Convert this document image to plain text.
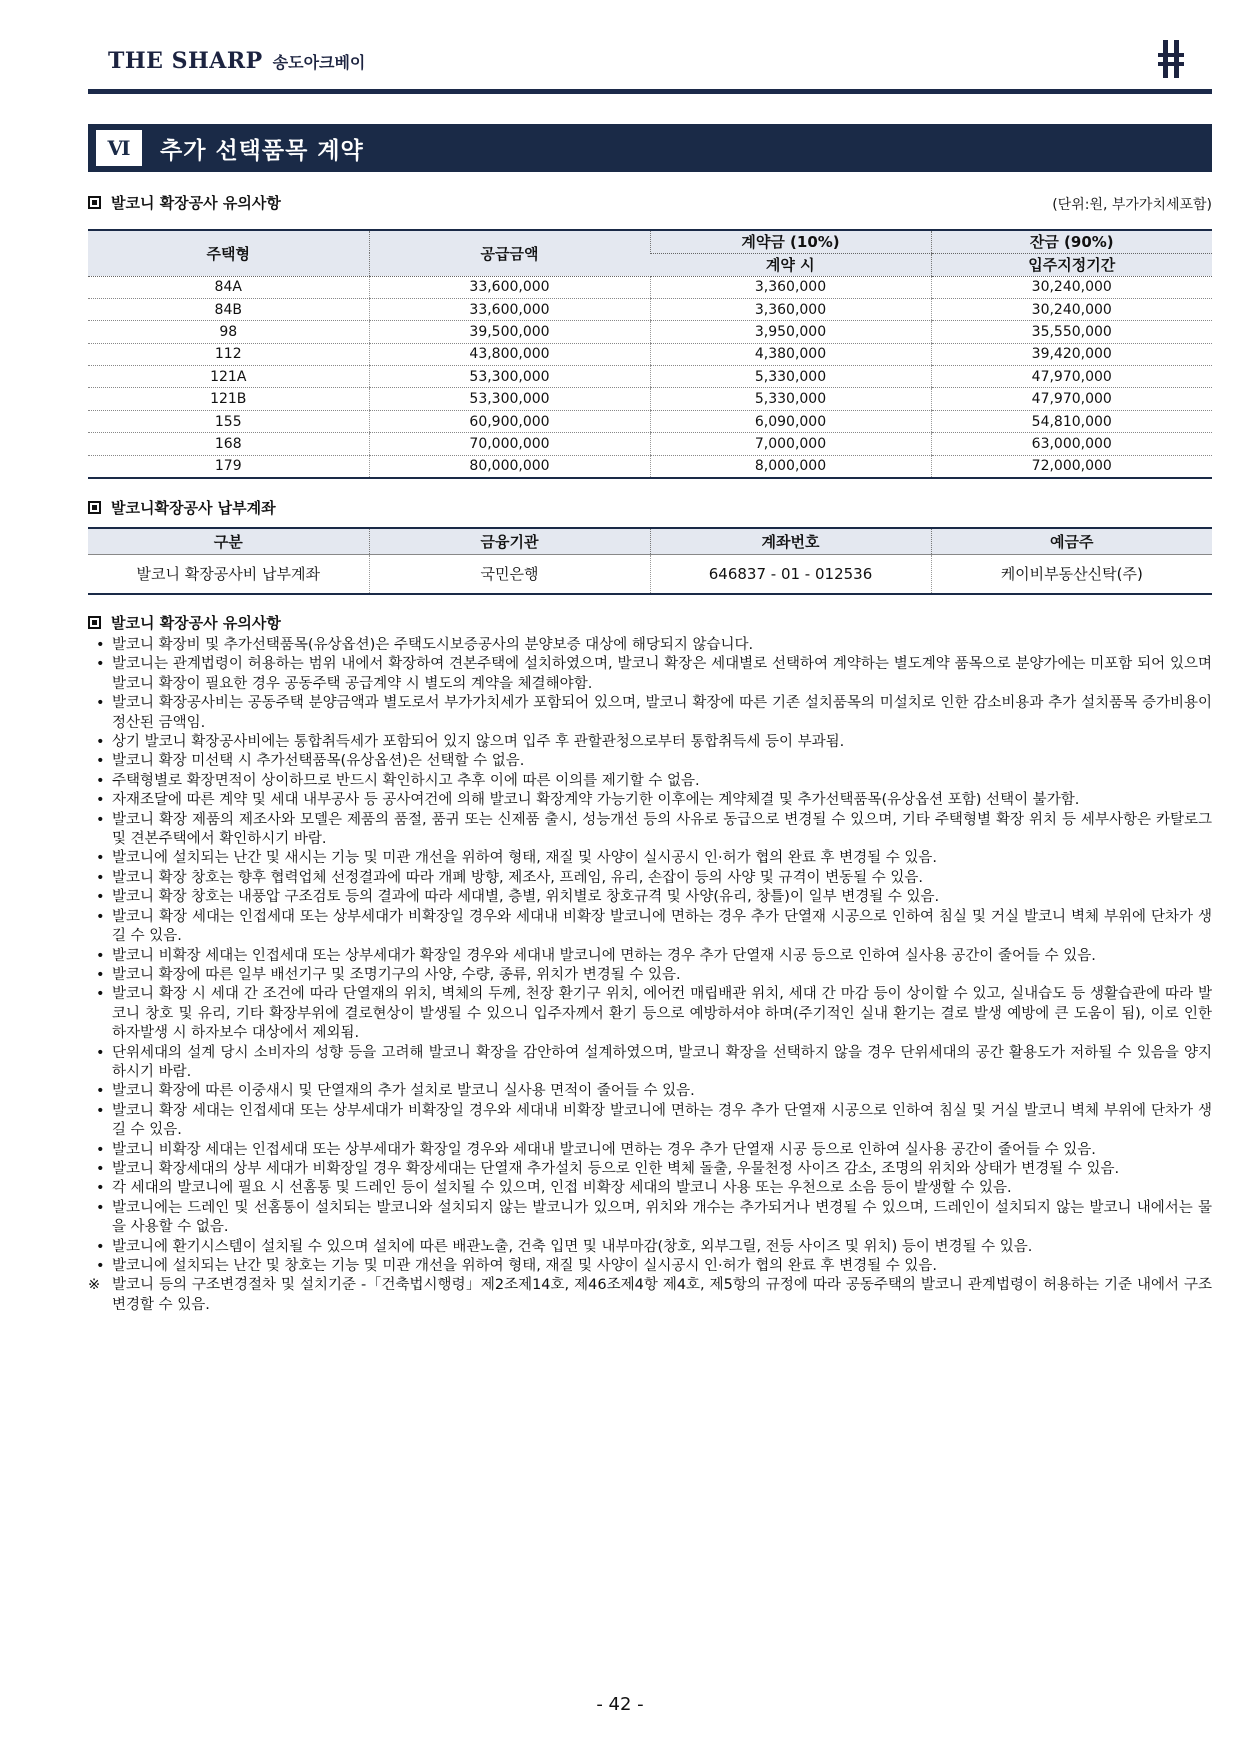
THE SHARP 송도아크베이
Ⅵ	추가 선택품목 계약
발코니 확장공사 유의사항	(단위:원, 부가가치세포함)
주택형	공급금액	계약금 (10%)	잔금 (90%)
		계약 시	입주지정기간
84A	33,600,000	3,360,000	30,240,000
84B	33,600,000	3,360,000	30,240,000
98	39,500,000	3,950,000	35,550,000
112	43,800,000	4,380,000	39,420,000
121A	53,300,000	5,330,000	47,970,000
121B	53,300,000	5,330,000	47,970,000
155	60,900,000	6,090,000	54,810,000
168	70,000,000	7,000,000	63,000,000
179	80,000,000	8,000,000	72,000,000
발코니확장공사 납부계좌
구분	금융기관	계좌번호	예금주
발코니 확장공사비 납부계좌	국민은행	646837 - 01 - 012536	케이비부동산신탁(주)
발코니 확장공사 유의사항
• 발코니 확장비 및 추가선택품목(유상옵션)은 주택도시보증공사의 분양보증 대상에 해당되지 않습니다.
• 발코니는 관계법령이 허용하는 범위 내에서 확장하여 견본주택에 설치하였으며, 발코니 확장은 세대별로 선택하여 계약하는 별도계약 품목으로 분양가에는 미포함 되어 있으며 발코니 확장이 필요한 경우 공동주택 공급계약 시 별도의 계약을 체결해야함.
• 발코니 확장공사비는 공동주택 분양금액과 별도로서 부가가치세가 포함되어 있으며, 발코니 확장에 따른 기존 설치품목의 미설치로 인한 감소비용과 추가 설치품목 증가비용이 정산된 금액임.
• 상기 발코니 확장공사비에는 통합취득세가 포함되어 있지 않으며 입주 후 관할관청으로부터 통합취득세 등이 부과됨.
• 발코니 확장 미선택 시 추가선택품목(유상옵션)은 선택할 수 없음.
• 주택형별로 확장면적이 상이하므로 반드시 확인하시고 추후 이에 따른 이의를 제기할 수 없음.
• 자재조달에 따른 계약 및 세대 내부공사 등 공사여건에 의해 발코니 확장계약 가능기한 이후에는 계약체결 및 추가선택품목(유상옵션 포함) 선택이 불가함.
• 발코니 확장 제품의 제조사와 모델은 제품의 품절, 품귀 또는 신제품 출시, 성능개선 등의 사유로 동급으로 변경될 수 있으며, 기타 주택형별 확장 위치 등 세부사항은 카탈로그 및 견본주택에서 확인하시기 바람.
• 발코니에 설치되는 난간 및 새시는 기능 및 미관 개선을 위하여 형태, 재질 및 사양이 실시공시 인·허가 협의 완료 후 변경될 수 있음.
• 발코니 확장 창호는 향후 협력업체 선정결과에 따라 개폐 방향, 제조사, 프레임, 유리, 손잡이 등의 사양 및 규격이 변동될 수 있음.
• 발코니 확장 창호는 내풍압 구조검토 등의 결과에 따라 세대별, 층별, 위치별로 창호규격 및 사양(유리, 창틀)이 일부 변경될 수 있음.
• 발코니 확장 세대는 인접세대 또는 상부세대가 비확장일 경우와 세대내 비확장 발코니에 면하는 경우 추가 단열재 시공으로 인하여 침실 및 거실 발코니 벽체 부위에 단차가 생길 수 있음.
• 발코니 비확장 세대는 인접세대 또는 상부세대가 확장일 경우와 세대내 발코니에 면하는 경우 추가 단열재 시공 등으로 인하여 실사용 공간이 줄어들 수 있음.
• 발코니 확장에 따른 일부 배선기구 및 조명기구의 사양, 수량, 종류, 위치가 변경될 수 있음.
• 발코니 확장 시 세대 간 조건에 따라 단열재의 위치, 벽체의 두께, 천장 환기구 위치, 에어컨 매립배관 위치, 세대 간 마감 등이 상이할 수 있고, 실내습도 등 생활습관에 따라 발코니 창호 및 유리, 기타 확장부위에 결로현상이 발생될 수 있으니 입주자께서 환기 등으로 예방하셔야 하며(주기적인 실내 환기는 결로 발생 예방에 큰 도움이 됨), 이로 인한 하자발생 시 하자보수 대상에서 제외됨.
• 단위세대의 설계 당시 소비자의 성향 등을 고려해 발코니 확장을 감안하여 설계하였으며, 발코니 확장을 선택하지 않을 경우 단위세대의 공간 활용도가 저하될 수 있음을 양지하시기 바람.
• 발코니 확장에 따른 이중새시 및 단열재의 추가 설치로 발코니 실사용 면적이 줄어들 수 있음.
• 발코니 확장 세대는 인접세대 또는 상부세대가 비확장일 경우와 세대내 비확장 발코니에 면하는 경우 추가 단열재 시공으로 인하여 침실 및 거실 발코니 벽체 부위에 단차가 생길 수 있음.
• 발코니 비확장 세대는 인접세대 또는 상부세대가 확장일 경우와 세대내 발코니에 면하는 경우 추가 단열재 시공 등으로 인하여 실사용 공간이 줄어들 수 있음.
• 발코니 확장세대의 상부 세대가 비확장일 경우 확장세대는 단열재 추가설치 등으로 인한 벽체 돌출, 우물천정 사이즈 감소, 조명의 위치와 상태가 변경될 수 있음.
• 각 세대의 발코니에 필요 시 선홈통 및 드레인 등이 설치될 수 있으며, 인접 비확장 세대의 발코니 사용 또는 우천으로 소음 등이 발생할 수 있음.
• 발코니에는 드레인 및 선홈통이 설치되는 발코니와 설치되지 않는 발코니가 있으며, 위치와 개수는 추가되거나 변경될 수 있으며, 드레인이 설치되지 않는 발코니 내에서는 물을 사용할 수 없음.
• 발코니에 환기시스템이 설치될 수 있으며 설치에 따른 배관노출, 건축 입면 및 내부마감(창호, 외부그릴, 전등 사이즈 및 위치) 등이 변경될 수 있음.
• 발코니에 설치되는 난간 및 창호는 기능 및 미관 개선을 위하여 형태, 재질 및 사양이 실시공시 인·허가 협의 완료 후 변경될 수 있음.
※ 발코니 등의 구조변경절차 및 설치기준 -「건축법시행령」제2조제14호, 제46조제4항 제4호, 제5항의 규정에 따라 공동주택의 발코니 관계법령이 허용하는 기준 내에서 구조 변경할 수 있음.
- 42 -
